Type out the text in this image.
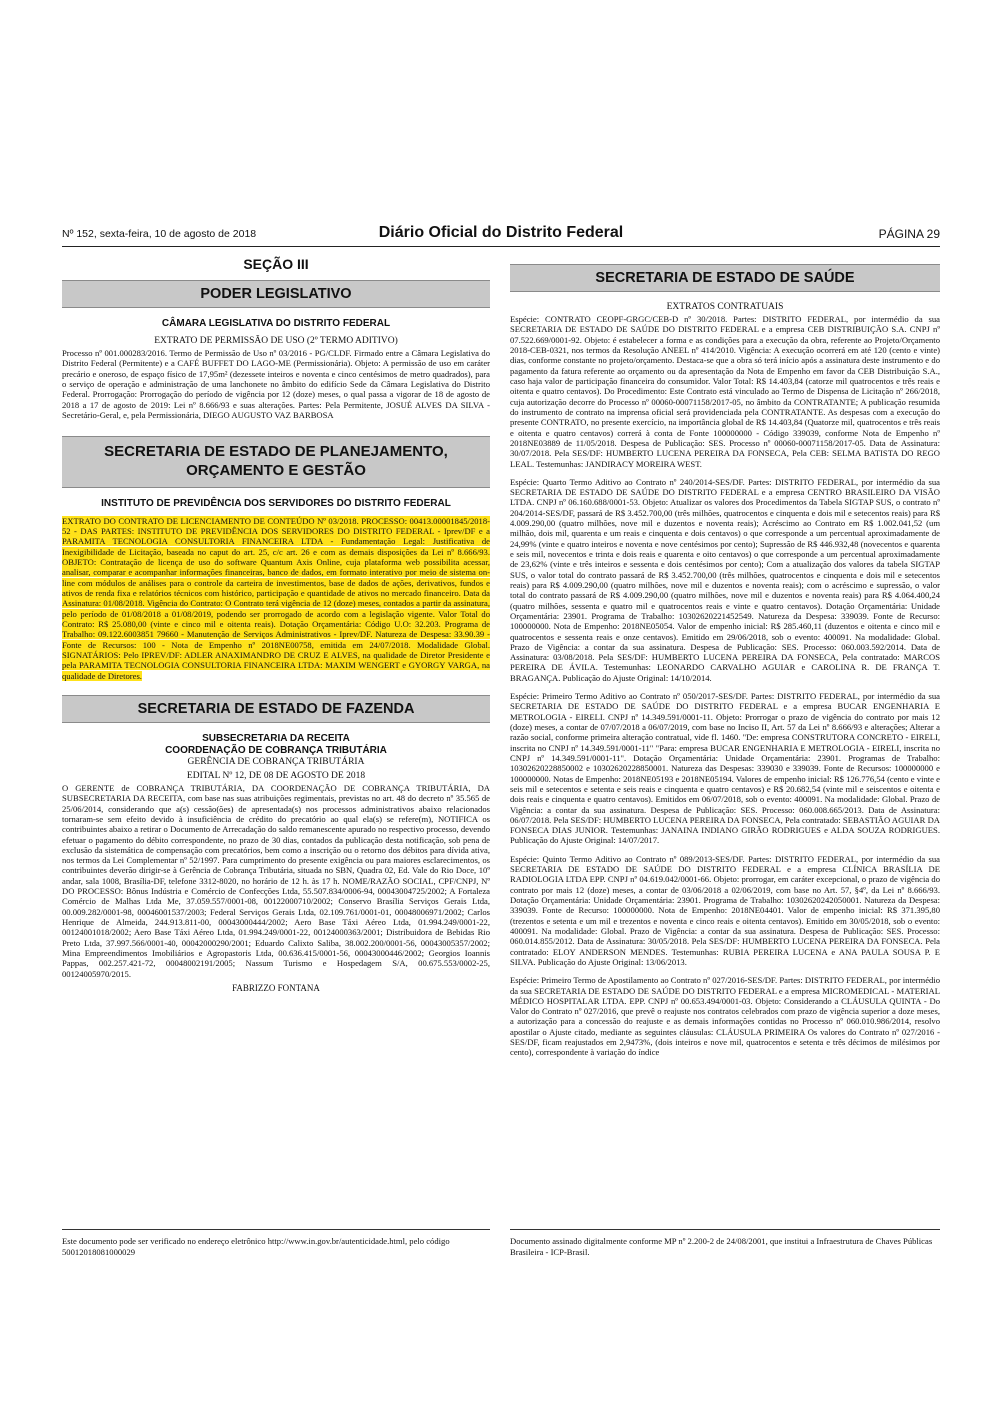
Nº 152, sexta-feira, 10 de agosto de 2018	Diário Oficial do Distrito Federal	PÁGINA 29
SEÇÃO III
PODER LEGISLATIVO
CÂMARA LEGISLATIVA DO DISTRITO FEDERAL
EXTRATO DE PERMISSÃO DE USO (2º TERMO ADITIVO)

Processo nº 001.000283/2016. Termo de Permissão de Uso nº 03/2016 - PG/CLDF. Firmado entre a Câmara Legislativa do Distrito Federal (Permitente) e a CAFÉ BUFFET DO LAGO-ME (Permissionária). Objeto: A permissão de uso em caráter precário e oneroso, de espaço físico de 17,95m² (dezessete inteiros e noventa e cinco centésimos de metro quadrados), para o serviço de operação e administração de uma lanchonete no âmbito do edifício Sede da Câmara Legislativa do Distrito Federal. Prorrogação: Prorrogação do período de vigência por 12 (doze) meses, o qual passa a vigorar de 18 de agosto de 2018 a 17 de agosto de 2019: Lei nº 8.666/93 e suas alterações. Partes: Pela Permitente, JOSUÉ ALVES DA SILVA - Secretário-Geral, e, pela Permissionária, DIEGO AUGUSTO VAZ BARBOSA

SECRETARIA DE ESTADO DE PLANEJAMENTO, ORÇAMENTO E GESTÃO
INSTITUTO DE PREVIDÊNCIA DOS SERVIDORES DO DISTRITO FEDERAL

EXTRATO DO CONTRATO DE LICENCIAMENTO DE CONTEÚDO Nº 03/2018. PROCESSO: 00413.00001845/2018-52 - DAS PARTES: INSTITUTO DE PREVIDÊNCIA DOS SERVIDORES DO DISTRITO FEDERAL - Iprev/DF e a PARAMITA TECNOLOGIA CONSULTORIA FINANCEIRA LTDA - Fundamentação Legal: Justificativa de Inexigibilidade de Licitação, baseada no caput do art. 25, c/c art. 26 e com as demais disposições da Lei nº 8.666/93. OBJETO: Contratação de licença de uso do software Quantum Axis Online, cuja plataforma web possibilita acessar, analisar, comparar e acompanhar informações financeiras, banco de dados, em formato interativo por meio de sistema on-line com módulos de análises para o controle da carteira de investimentos, base de dados de ações, derivativos, fundos e ativos de renda fixa e relatórios técnicos com histórico, participação e quantidade de ativos no mercado financeiro. Data da Assinatura: 01/08/2018. Vigência do Contrato: O Contrato terá vigência de 12 (doze) meses, contados a partir da assinatura, pelo período de 01/08/2018 a 01/08/2019, podendo ser prorrogado de acordo com a legislação vigente. Valor Total do Contrato: R$ 25.080,00 (vinte e cinco mil e oitenta reais). Dotação Orçamentária: Código U.O: 32.203. Programa de Trabalho: 09.122.6003851 79660 - Manutenção de Serviços Administrativos - Iprev/DF. Natureza de Despesa: 33.90.39 - Fonte de Recursos: 100 - Nota de Empenho nº 2018NE00758, emitida em 24/07/2018. Modalidade Global. SIGNATÁRIOS: Pelo IPREV/DF: ADLER ANAXIMANDRO DE CRUZ E ALVES, na qualidade de Diretor Presidente e pela PARAMITA TECNOLOGIA CONSULTORIA FINANCEIRA LTDA: MAXIM WENGERT e GYORGY VARGA, na qualidade de Diretores.

SECRETARIA DE ESTADO DE FAZENDA
SUBSECRETARIA DA RECEITA
COORDENAÇÃO DE COBRANÇA TRIBUTÁRIA
GERÊNCIA DE COBRANÇA TRIBUTÁRIA
EDITAL Nº 12, DE 08 DE AGOSTO DE 2018

O GERENTE de COBRANÇA TRIBUTÁRIA, DA COORDENAÇÃO DE COBRANÇA TRIBUTÁRIA, DA SUBSECRETARIA DA RECEITA, com base nas suas atribuições regimentais, previstas no art. 48 do decreto nº 35.565 de 25/06/2014, considerando que a(s) cessão(ões) de apresentada(s) nos processos administrativos abaixo relacionados tornaram-se sem efeito devido à insuficiência de crédito do precatório ao qual ela(s) se refere(m), NOTIFICA os contribuintes abaixo a retirar o Documento de Arrecadação do saldo remanescente apurado no respectivo processo, devendo efetuar o pagamento do débito correspondente, no prazo de 30 dias, contados da publicação desta notificação, sob pena de exclusão da sistemática de compensação com precatórios, bem como a inscrição ou o retorno dos débitos para dívida ativa, nos termos da Lei Complementar nº 52/1997. Para cumprimento do presente exigência ou para maiores esclarecimentos, os contribuintes deverão dirigir-se à Gerência de Cobrança Tributária, situada no SBN, Quadra 02, Ed. Vale do Rio Doce, 10º andar, sala 1008, Brasília-DF, telefone 3312-8020, no horário de 12 h. às 17 h. NOME/RAZÃO SOCIAL, CPF/CNPJ, Nº DO PROCESSO: Bônus Indústria e Comércio de Confecções Ltda, 55.507.834/0006-94, 00043004725/2002; A Fortaleza Comércio de Malhas Ltda Me, 37.059.557/0001-08, 00122000710/2002; Conservo Brasília Serviços Gerais Ltda, 00.009.282/0001-98, 00046001537/2003; Federal Serviços Gerais Ltda, 02.109.761/0001-01, 00048006971/2002; Carlos Henrique de Almeida, 244.913.811-00, 00043000444/2002; Aero Base Táxi Aéreo Ltda, 01.994.249/0001-22, 00124001018/2002; Aero Base Táxi Aéreo Ltda, 01.994.249/0001-22, 00124000363/2001; Distribuidora de Bebidas Rio Preto Ltda, 37.997.566/0001-40, 00042000290/2001; Eduardo Calixto Saliba, 38.002.200/0001-56, 00043005357/2002; Mina Empreendimentos Imobiliários e Agropastoris Ltda, 00.636.415/0001-56, 00043000446/2002; Georgios Ioannis Pappas, 002.257.421-72, 00048002191/2005; Nassum Turismo e Hospedagem S/A, 00.675.553/0002-25, 00124005970/2015.

FABRIZZO FONTANA
SECRETARIA DE ESTADO DE SAÚDE
EXTRATOS CONTRATUAIS

Espécie: CONTRATO CEOPF-GRGC/CEB-D nº 30/2018. Partes: DISTRITO FEDERAL, por intermédio da sua SECRETARIA DE ESTADO DE SAÚDE DO DISTRITO FEDERAL e a empresa CEB DISTRIBUIÇÃO S.A. CNPJ nº 07.522.669/0001-92. Objeto: é estabelecer a forma e as condições para a execução da obra, referente ao Projeto/Orçamento 2018-CEB-0321, nos termos da Resolução ANEEL nº 414/2010. Vigência: A execução ocorrerá em até 120 (cento e vinte) dias, conforme constante no projeto/orçamento. Destaca-se que a obra só terá início após a assinatura deste instrumento e do pagamento da fatura referente ao orçamento ou da apresentação da Nota de Empenho em favor da CEB Distribuição S.A., caso haja valor de participação financeira do consumidor. Valor Total: R$ 14.403,84 (catorze mil quatrocentos e três reais e oitenta e quatro centavos). Do Procedimento: Este Contrato está vinculado ao Termo de Dispensa de Licitação nº 266/2018, cuja autorização decorre do Processo nº 00060-00071158/2017-05, no âmbito da CONTRATANTE; A publicação resumida do instrumento de contrato na imprensa oficial será providenciada pela CONTRATANTE. As despesas com a execução do presente CONTRATO, no presente exercício, na importância global de R$ 14.403,84 (Quatorze mil, quatrocentos e três reais e oitenta e quatro centavos) correrá à conta de Fonte 100000000 - Código 339039, conforme Nota de Empenho nº 2018NE03889 de 11/05/2018. Despesa de Publicação: SES. Processo nº 00060-00071158/2017-05. Data de Assinatura: 30/07/2018. Pela SES/DF: HUMBERTO LUCENA PEREIRA DA FONSECA, Pela CEB: SELMA BATISTA DO REGO LEAL. Testemunhas: JANDIRACY MOREIRA WEST.

Espécie: Quarto Termo Aditivo ao Contrato nº 240/2014-SES/DF. Partes: DISTRITO FEDERAL, por intermédio da sua SECRETARIA DE ESTADO DE SAÚDE DO DISTRITO FEDERAL e a empresa CENTRO BRASILEIRO DA VISÃO LTDA. CNPJ nº 06.160.688/0001-53. Objeto: Atualizar os valores dos Procedimentos da Tabela SIGTAP SUS, o contrato nº 204/2014-SES/DF, passará de R$ 3.452.700,00 (três milhões, quatrocentos e cinquenta e dois mil e setecentos reais) para R$ 4.009.290,00 (quatro milhões, nove mil e duzentos e noventa reais); Acréscimo ao Contrato em R$ 1.002.041,52 (um milhão, dois mil, quarenta e um reais e cinquenta e dois centavos) o que corresponde a um percentual aproximadamente de 24,99% (vinte e quatro inteiros e noventa e nove centésimos por cento); Supressão de R$ 446.932,48 (novecentos e quarenta e seis mil, novecentos e trinta e dois reais e quarenta e oito centavos) o que corresponde a um percentual aproximadamente de 23,62% (vinte e três inteiros e sessenta e dois centésimos por cento); Com a atualização dos valores da tabela SIGTAP SUS, o valor total do contrato passará de R$ 3.452.700,00 (três milhões, quatrocentos e cinquenta e dois mil e setecentos reais) para R$ 4.009.290,00 (quatro milhões, nove mil e duzentos e noventa reais); com o acréscimo e supressão, o valor total do contrato passará de R$ 4.009.290,00 (quatro milhões, nove mil e duzentos e noventa reais) para R$ 4.064.400,24 (quatro milhões, sessenta e quatro mil e quatrocentos reais e vinte e quatro centavos). Dotação Orçamentária: Unidade Orçamentária: 23901. Programa de Trabalho: 10302620221452549. Natureza da Despesa: 339039. Fonte de Recurso: 100000000. Nota de Empenho: 2018NE05054. Valor de empenho inicial: R$ 285.460,11 (duzentos e oitenta e cinco mil e quatrocentos e sessenta reais e onze centavos). Emitido em 29/06/2018, sob o evento: 400091. Na modalidade: Global. Prazo de Vigência: a contar da sua assinatura. Despesa de Publicação: SES. Processo: 060.003.592/2014. Data de Assinatura: 03/08/2018. Pela SES/DF: HUMBERTO LUCENA PEREIRA DA FONSECA, Pela contratado: MARCOS PEREIRA DE ÁVILA. Testemunhas: LEONARDO CARVALHO AGUIAR e CAROLINA R. DE FRANÇA T. BRAGANÇA. Publicação do Ajuste Original: 14/10/2014.

Espécie: Primeiro Termo Aditivo ao Contrato nº 050/2017-SES/DF. Partes: DISTRITO FEDERAL, por intermédio da sua SECRETARIA DE ESTADO DE SAÚDE DO DISTRITO FEDERAL e a empresa BUCAR ENGENHARIA E METROLOGIA - EIRELI. CNPJ nº 14.349.591/0001-11. Objeto: Prorrogar o prazo de vigência do contrato por mais 12 (doze) meses, a contar de 07/07/2018 a 06/07/2019, com base no Inciso II, Art. 57 da Lei nº 8.666/93 e alterações; Alterar a razão social, conforme primeira alteração contratual, vide fl. 1460. "De: empresa CONSTRUTORA CONCRETO - EIRELI, inscrita no CNPJ nº 14.349.591/0001-11" "Para: empresa BUCAR ENGENHARIA E METROLOGIA - EIRELI, inscrita no CNPJ nº 14.349.591/0001-11". Dotação Orçamentária: Unidade Orçamentária: 23901. Programas de Trabalho: 10302620228850002 e 10302620228850001. Natureza das Despesas: 339030 e 339039. Fonte de Recursos: 100000000 e 100000000. Notas de Empenho: 2018NE05193 e 2018NE05194. Valores de empenho inicial: R$ 126.776,54 (cento e vinte e seis mil e setecentos e setenta e seis reais e cinquenta e quatro centavos) e R$ 20.682,54 (vinte mil e seiscentos e oitenta e dois reais e cinquenta e quatro centavos). Emitidos em 06/07/2018, sob o evento: 400091. Na modalidade: Global. Prazo de Vigência: a contar da sua assinatura. Despesa de Publicação: SES. Processo: 060.008.665/2013. Data de Assinatura: 06/07/2018. Pela SES/DF: HUMBERTO LUCENA PEREIRA DA FONSECA, Pela contratado: SEBASTIÃO AGUIAR DA FONSECA DIAS JUNIOR. Testemunhas: JANAINA INDIANO GIRÃO RODRIGUES e ALDA SOUZA RODRIGUES. Publicação do Ajuste Original: 14/07/2017.

Espécie: Quinto Termo Aditivo ao Contrato nº 089/2013-SES/DF. Partes: DISTRITO FEDERAL, por intermédio da sua SECRETARIA DE ESTADO DE SAÚDE DO DISTRITO FEDERAL e a empresa CLÍNICA BRASÍLIA DE RADIOLOGIA LTDA EPP. CNPJ nº 04.619.042/0001-66. Objeto: prorrogar, em caráter excepcional, o prazo de vigência do contrato por mais 12 (doze) meses, a contar de 03/06/2018 a 02/06/2019, com base no Art. 57, §4º, da Lei nº 8.666/93. Dotação Orçamentária: Unidade Orçamentária: 23901. Programa de Trabalho: 10302620242050001. Natureza da Despesa: 339039. Fonte de Recurso: 100000000. Nota de Empenho: 2018NE04401. Valor de empenho inicial: R$ 371.395,80 (trezentos e setenta e um mil e trezentos e noventa e cinco reais e oitenta centavos). Emitido em 30/05/2018, sob o evento: 400091. Na modalidade: Global. Prazo de Vigência: a contar da sua assinatura. Despesa de Publicação: SES. Processo: 060.014.855/2012. Data de Assinatura: 30/05/2018. Pela SES/DF: HUMBERTO LUCENA PEREIRA DA FONSECA. Pela contratado: ELOY ANDERSON MENDES. Testemunhas: RUBIA PEREIRA LUCENA e ANA PAULA SOUSA P. E SILVA. Publicação do Ajuste Original: 13/06/2013.

Espécie: Primeiro Termo de Apostilamento ao Contrato nº 027/2016-SES/DF. Partes: DISTRITO FEDERAL, por intermédio da sua SECRETARIA DE ESTADO DE SAÚDE DO DISTRITO FEDERAL e a empresa MICROMEDICAL - MATERIAL MÉDICO HOSPITALAR LTDA. EPP. CNPJ nº 00.653.494/0001-03. Objeto: Considerando a CLÁUSULA QUINTA - Do Valor do Contrato nº 027/2016, que prevê o reajuste nos contratos celebrados com prazo de vigência superior a doze meses, a autorização para a concessão do reajuste e as demais informações contidas no Processo nº 060.010.986/2014, resolvo apostilar o Ajuste citado, mediante as seguintes cláusulas: CLÁUSULA PRIMEIRA Os valores do Contrato nº 027/2016 - SES/DF, ficam reajustados em 2,9473%, (dois inteiros e nove mil, quatrocentos e setenta e três décimos de milésimos por cento), correspondente à variação do índice

Este documento pode ser verificado no endereço eletrônico http://www.in.gov.br/autenticidade.html, pelo código 50012018081000029
Documento assinado digitalmente conforme MP nº 2.200-2 de 24/08/2001, que institui a Infraestrutura de Chaves Públicas Brasileira - ICP-Brasil.
